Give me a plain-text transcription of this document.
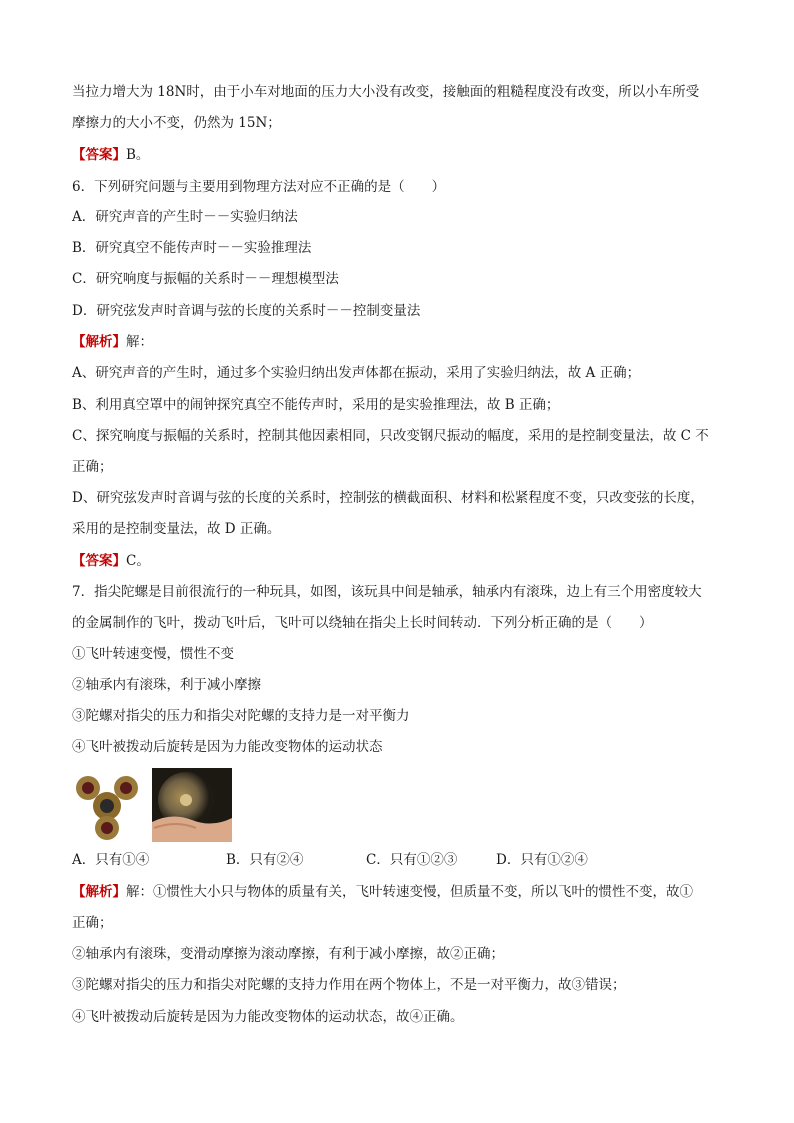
当拉力增大为 18N时，由于小车对地面的压力大小没有改变，接触面的粗糙程度没有改变，所以小车所受
摩擦力的大小不变，仍然为 15N；
【答案】B。
6．下列研究问题与主要用到物理方法对应不正确的是（　　）
A．研究声音的产生时－－实验归纳法
B．研究真空不能传声时－－实验推理法
C．研究响度与振幅的关系时－－理想模型法
D．研究弦发声时音调与弦的长度的关系时－－控制变量法
【解析】解：
A、研究声音的产生时，通过多个实验归纳出发声体都在振动，采用了实验归纳法，故 A 正确；
B、利用真空罩中的闹钟探究真空不能传声时，采用的是实验推理法，故 B 正确；
C、探究响度与振幅的关系时，控制其他因素相同，只改变钢尺振动的幅度，采用的是控制变量法，故 C 不
正确；
D、研究弦发声时音调与弦的长度的关系时，控制弦的横截面积、材料和松紧程度不变，只改变弦的长度，
采用的是控制变量法，故 D 正确。
【答案】C。
7．指尖陀螺是目前很流行的一种玩具，如图，该玩具中间是轴承，轴承内有滚珠，边上有三个用密度较大
的金属制作的飞叶，拨动飞叶后，飞叶可以绕轴在指尖上长时间转动．下列分析正确的是（　　）
①飞叶转速变慢，惯性不变
②轴承内有滚珠，利于减小摩擦
③陀螺对指尖的压力和指尖对陀螺的支持力是一对平衡力
④飞叶被拨动后旋转是因为力能改变物体的运动状态
A．只有①④	B．只有②④	C．只有①②③	D．只有①②④
【解析】解：①惯性大小只与物体的质量有关，飞叶转速变慢，但质量不变，所以飞叶的惯性不变，故①
正确；
②轴承内有滚珠，变滑动摩擦为滚动摩擦，有利于减小摩擦，故②正确；
③陀螺对指尖的压力和指尖对陀螺的支持力作用在两个物体上，不是一对平衡力，故③错误；
④飞叶被拨动后旋转是因为力能改变物体的运动状态，故④正确。
